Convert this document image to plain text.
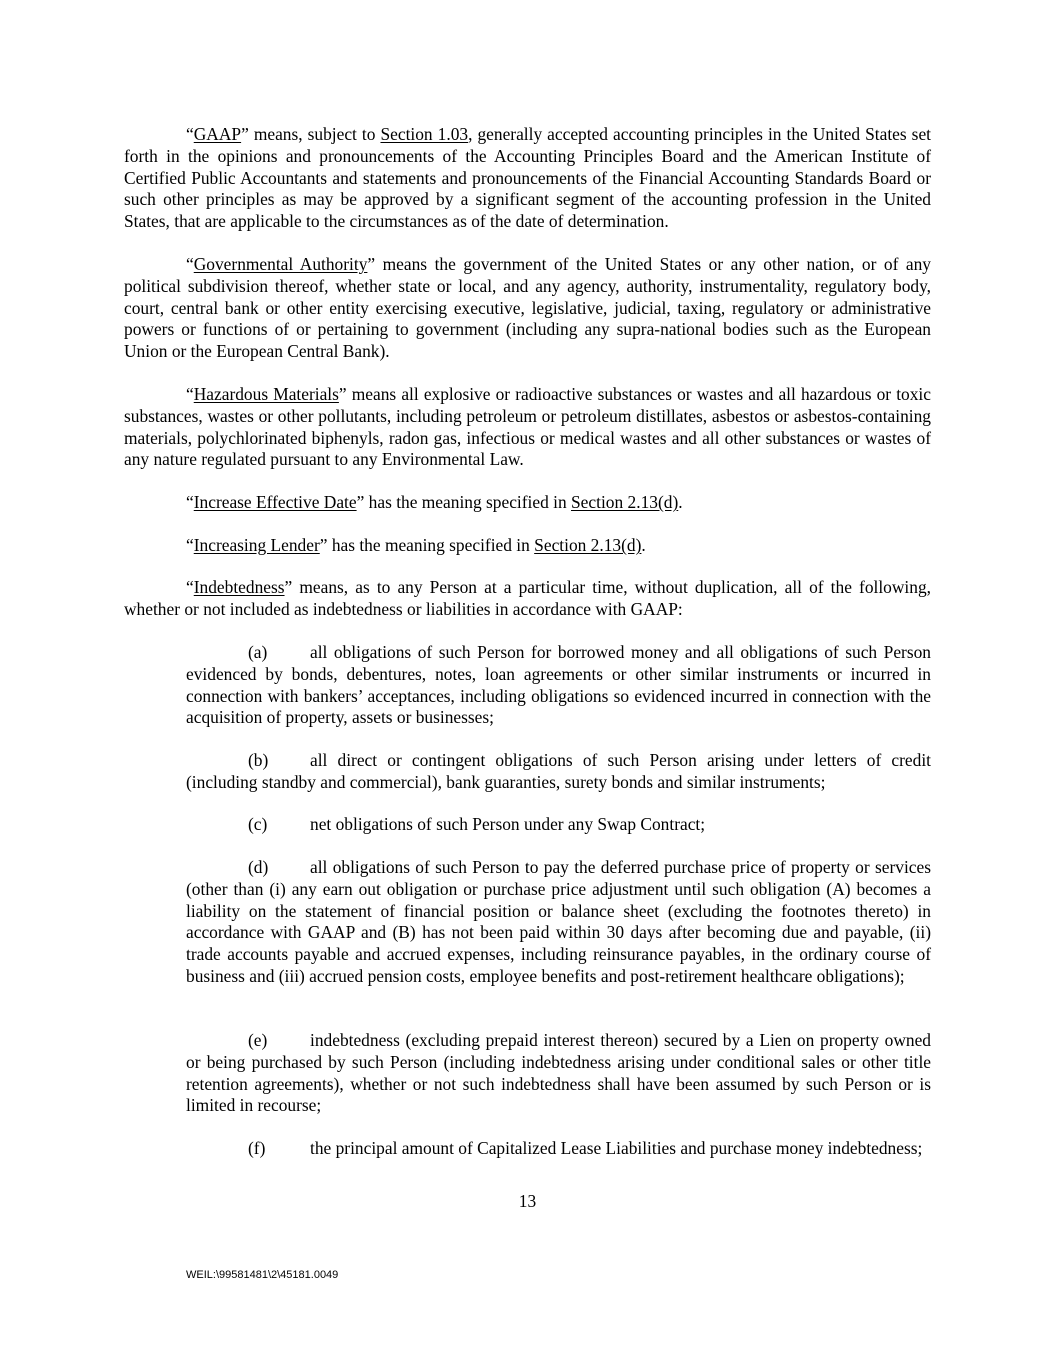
“GAAP” means, subject to Section 1.03, generally accepted accounting principles in the United States set forth in the opinions and pronouncements of the Accounting Principles Board and the American Institute of Certified Public Accountants and statements and pronouncements of the Financial Accounting Standards Board or such other principles as may be approved by a significant segment of the accounting profession in the United States, that are applicable to the circumstances as of the date of determination.

“Governmental Authority” means the government of the United States or any other nation, or of any political subdivision thereof, whether state or local, and any agency, authority, instrumentality, regulatory body, court, central bank or other entity exercising executive, legislative, judicial, taxing, regulatory or administrative powers or functions of or pertaining to government (including any supra-national bodies such as the European Union or the European Central Bank).

“Hazardous Materials” means all explosive or radioactive substances or wastes and all hazardous or toxic substances, wastes or other pollutants, including petroleum or petroleum distillates, asbestos or asbestos-containing materials, polychlorinated biphenyls, radon gas, infectious or medical wastes and all other substances or wastes of any nature regulated pursuant to any Environmental Law.

“Increase Effective Date” has the meaning specified in Section 2.13(d).

“Increasing Lender” has the meaning specified in Section 2.13(d).

“Indebtedness” means, as to any Person at a particular time, without duplication, all of the following, whether or not included as indebtedness or liabilities in accordance with GAAP:

(a) all obligations of such Person for borrowed money and all obligations of such Person evidenced by bonds, debentures, notes, loan agreements or other similar instruments or incurred in connection with bankers’ acceptances, including obligations so evidenced incurred in connection with the acquisition of property, assets or businesses;

(b) all direct or contingent obligations of such Person arising under letters of credit (including standby and commercial), bank guaranties, surety bonds and similar instruments;

(c) net obligations of such Person under any Swap Contract;

(d) all obligations of such Person to pay the deferred purchase price of property or services (other than (i) any earn out obligation or purchase price adjustment until such obligation (A) becomes a liability on the statement of financial position or balance sheet (excluding the footnotes thereto) in accordance with GAAP and (B) has not been paid within 30 days after becoming due and payable, (ii) trade accounts payable and accrued expenses, including reinsurance payables, in the ordinary course of business and (iii) accrued pension costs, employee benefits and post-retirement healthcare obligations);

(e) indebtedness (excluding prepaid interest thereon) secured by a Lien on property owned or being purchased by such Person (including indebtedness arising under conditional sales or other title retention agreements), whether or not such indebtedness shall have been assumed by such Person or is limited in recourse;

(f)	the principal amount of Capitalized Lease Liabilities and purchase money indebtedness;

13

WEIL:\99581481\2\45181.0049
